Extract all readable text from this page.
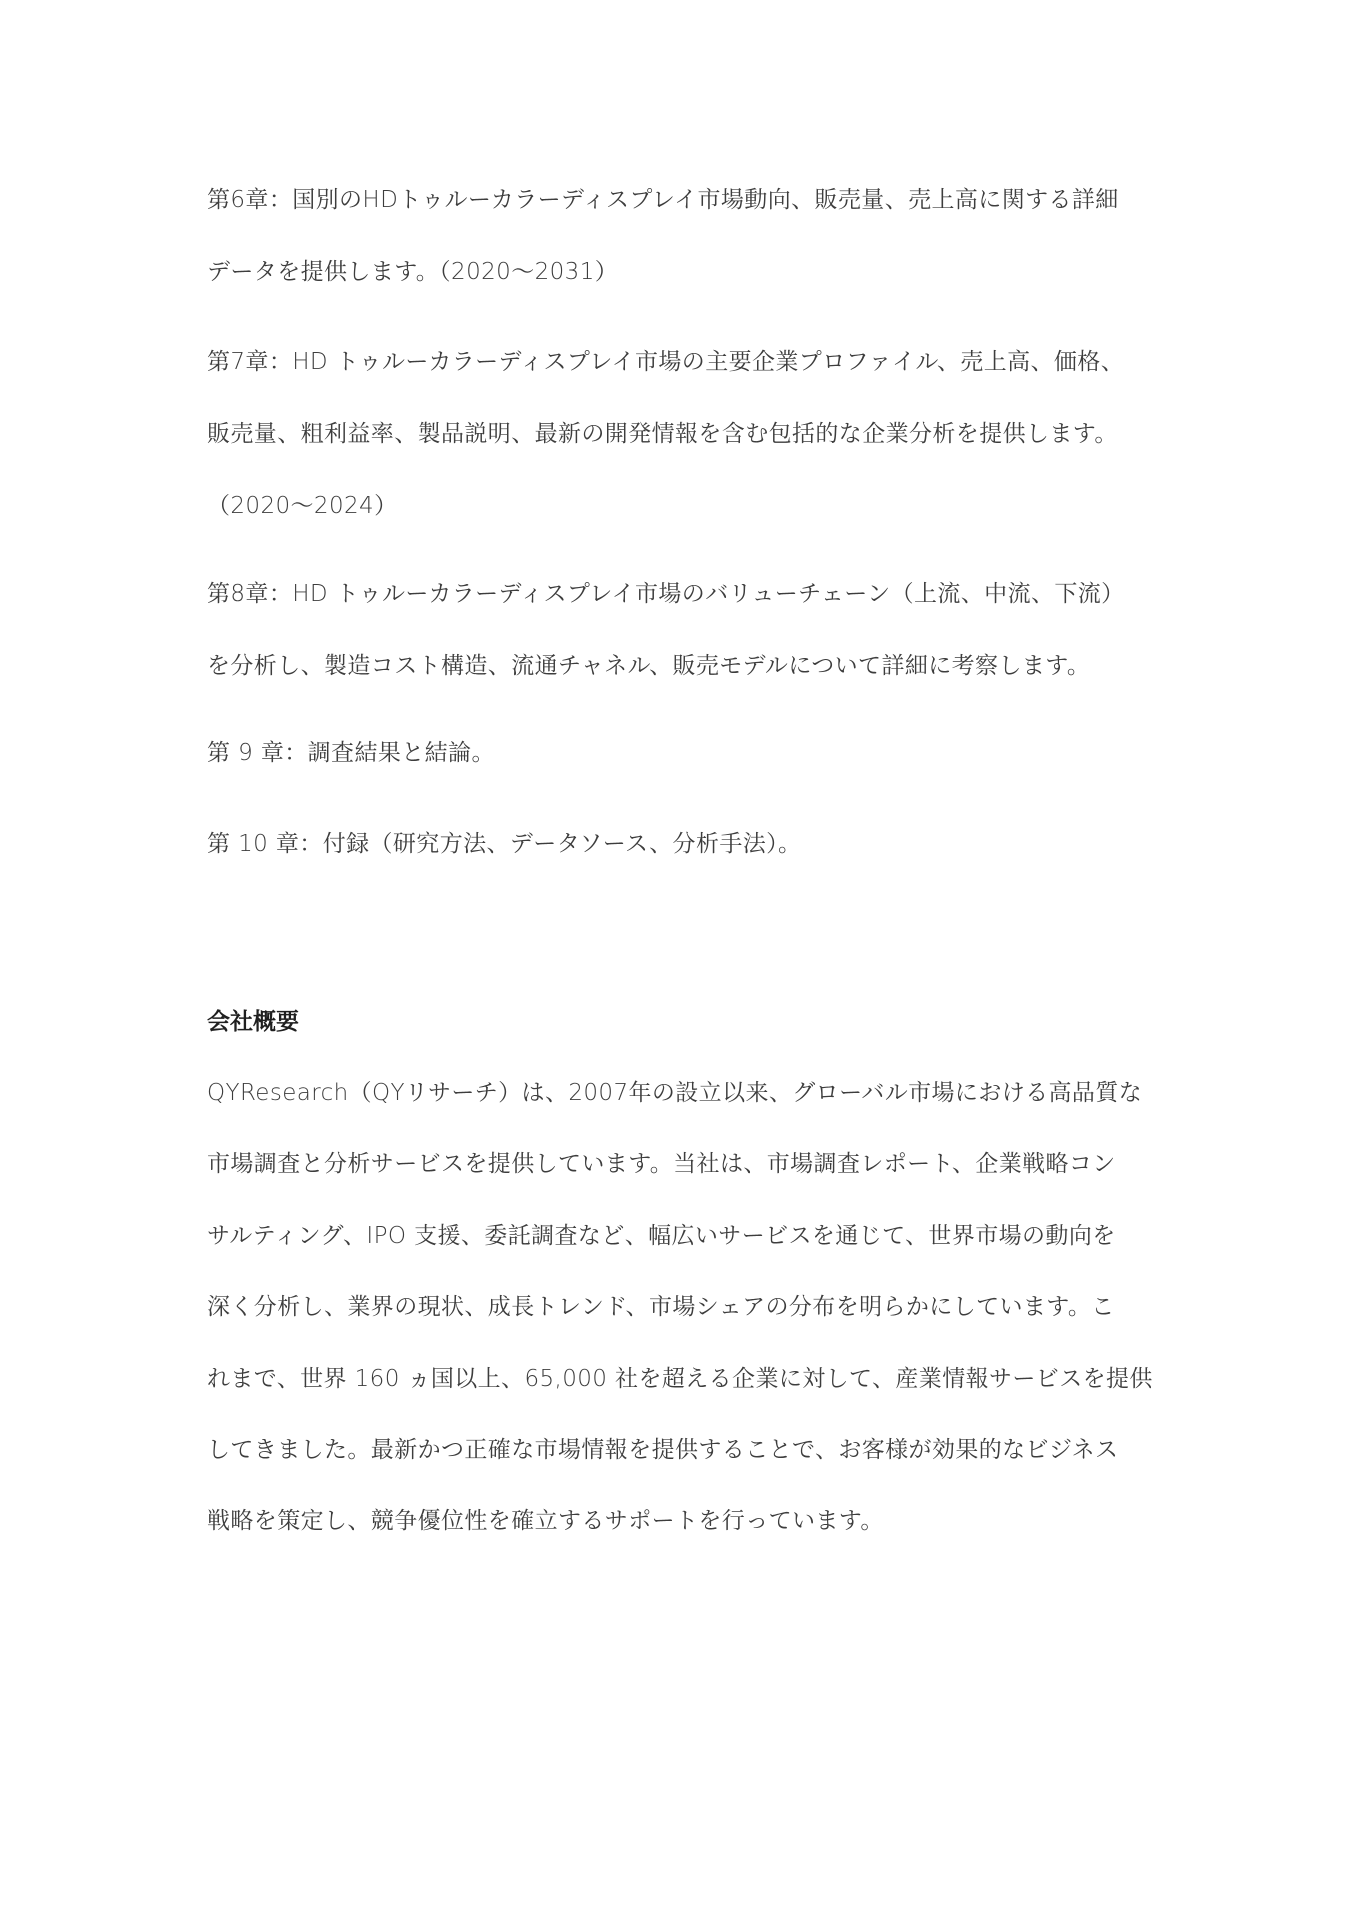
第6章：国別のHDトゥルーカラーディスプレイ市場動向、販売量、売上高に関する詳細
データを提供します。（2020～2031）
第7章：HD トゥルーカラーディスプレイ市場の主要企業プロファイル、売上高、価格、
販売量、粗利益率、製品説明、最新の開発情報を含む包括的な企業分析を提供します。
（2020～2024）
第8章：HD トゥルーカラーディスプレイ市場のバリューチェーン（上流、中流、下流）
を分析し、製造コスト構造、流通チャネル、販売モデルについて詳細に考察します。
第 9 章：調査結果と結論。
第 10 章：付録（研究方法、データソース、分析手法）。
会社概要
QYResearch（QYリサーチ）は、2007年の設立以来、グローバル市場における高品質な
市場調査と分析サービスを提供しています。当社は、市場調査レポート、企業戦略コン
サルティング、IPO 支援、委託調査など、幅広いサービスを通じて、世界市場の動向を
深く分析し、業界の現状、成長トレンド、市場シェアの分布を明らかにしています。こ
れまで、世界 160 ヵ国以上、65,000 社を超える企業に対して、産業情報サービスを提供
してきました。最新かつ正確な市場情報を提供することで、お客様が効果的なビジネス
戦略を策定し、競争優位性を確立するサポートを行っています。
